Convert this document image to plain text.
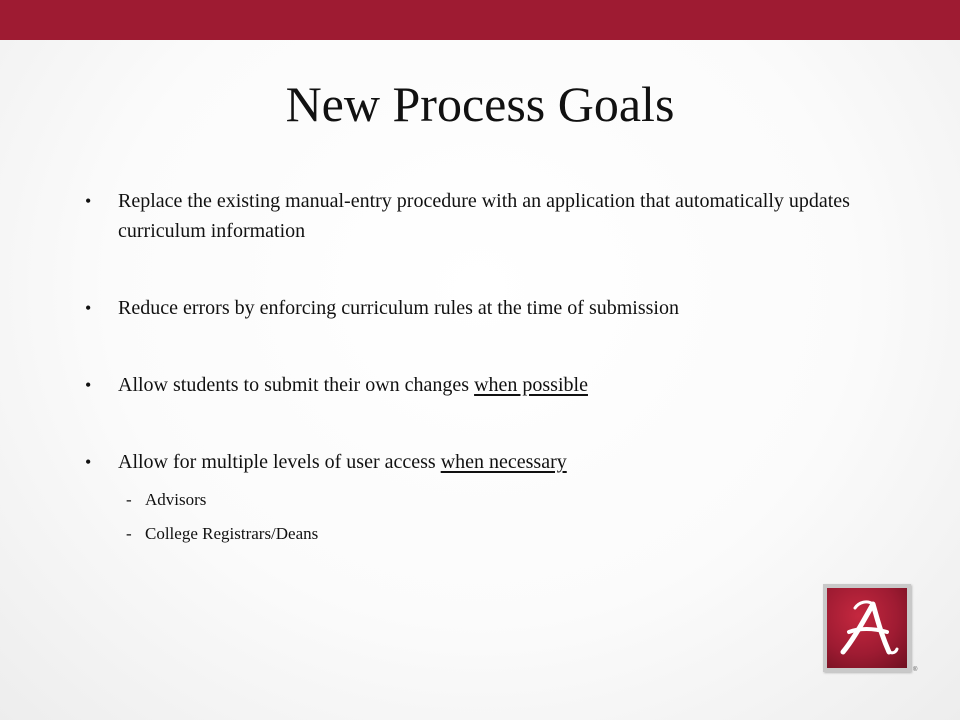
New Process Goals
• Replace the existing manual-entry procedure with an application that automatically updates curriculum information
• Reduce errors by enforcing curriculum rules at the time of submission
• Allow students to submit their own changes when possible
• Allow for multiple levels of user access when necessary
- Advisors
- College Registrars/Deans
®
